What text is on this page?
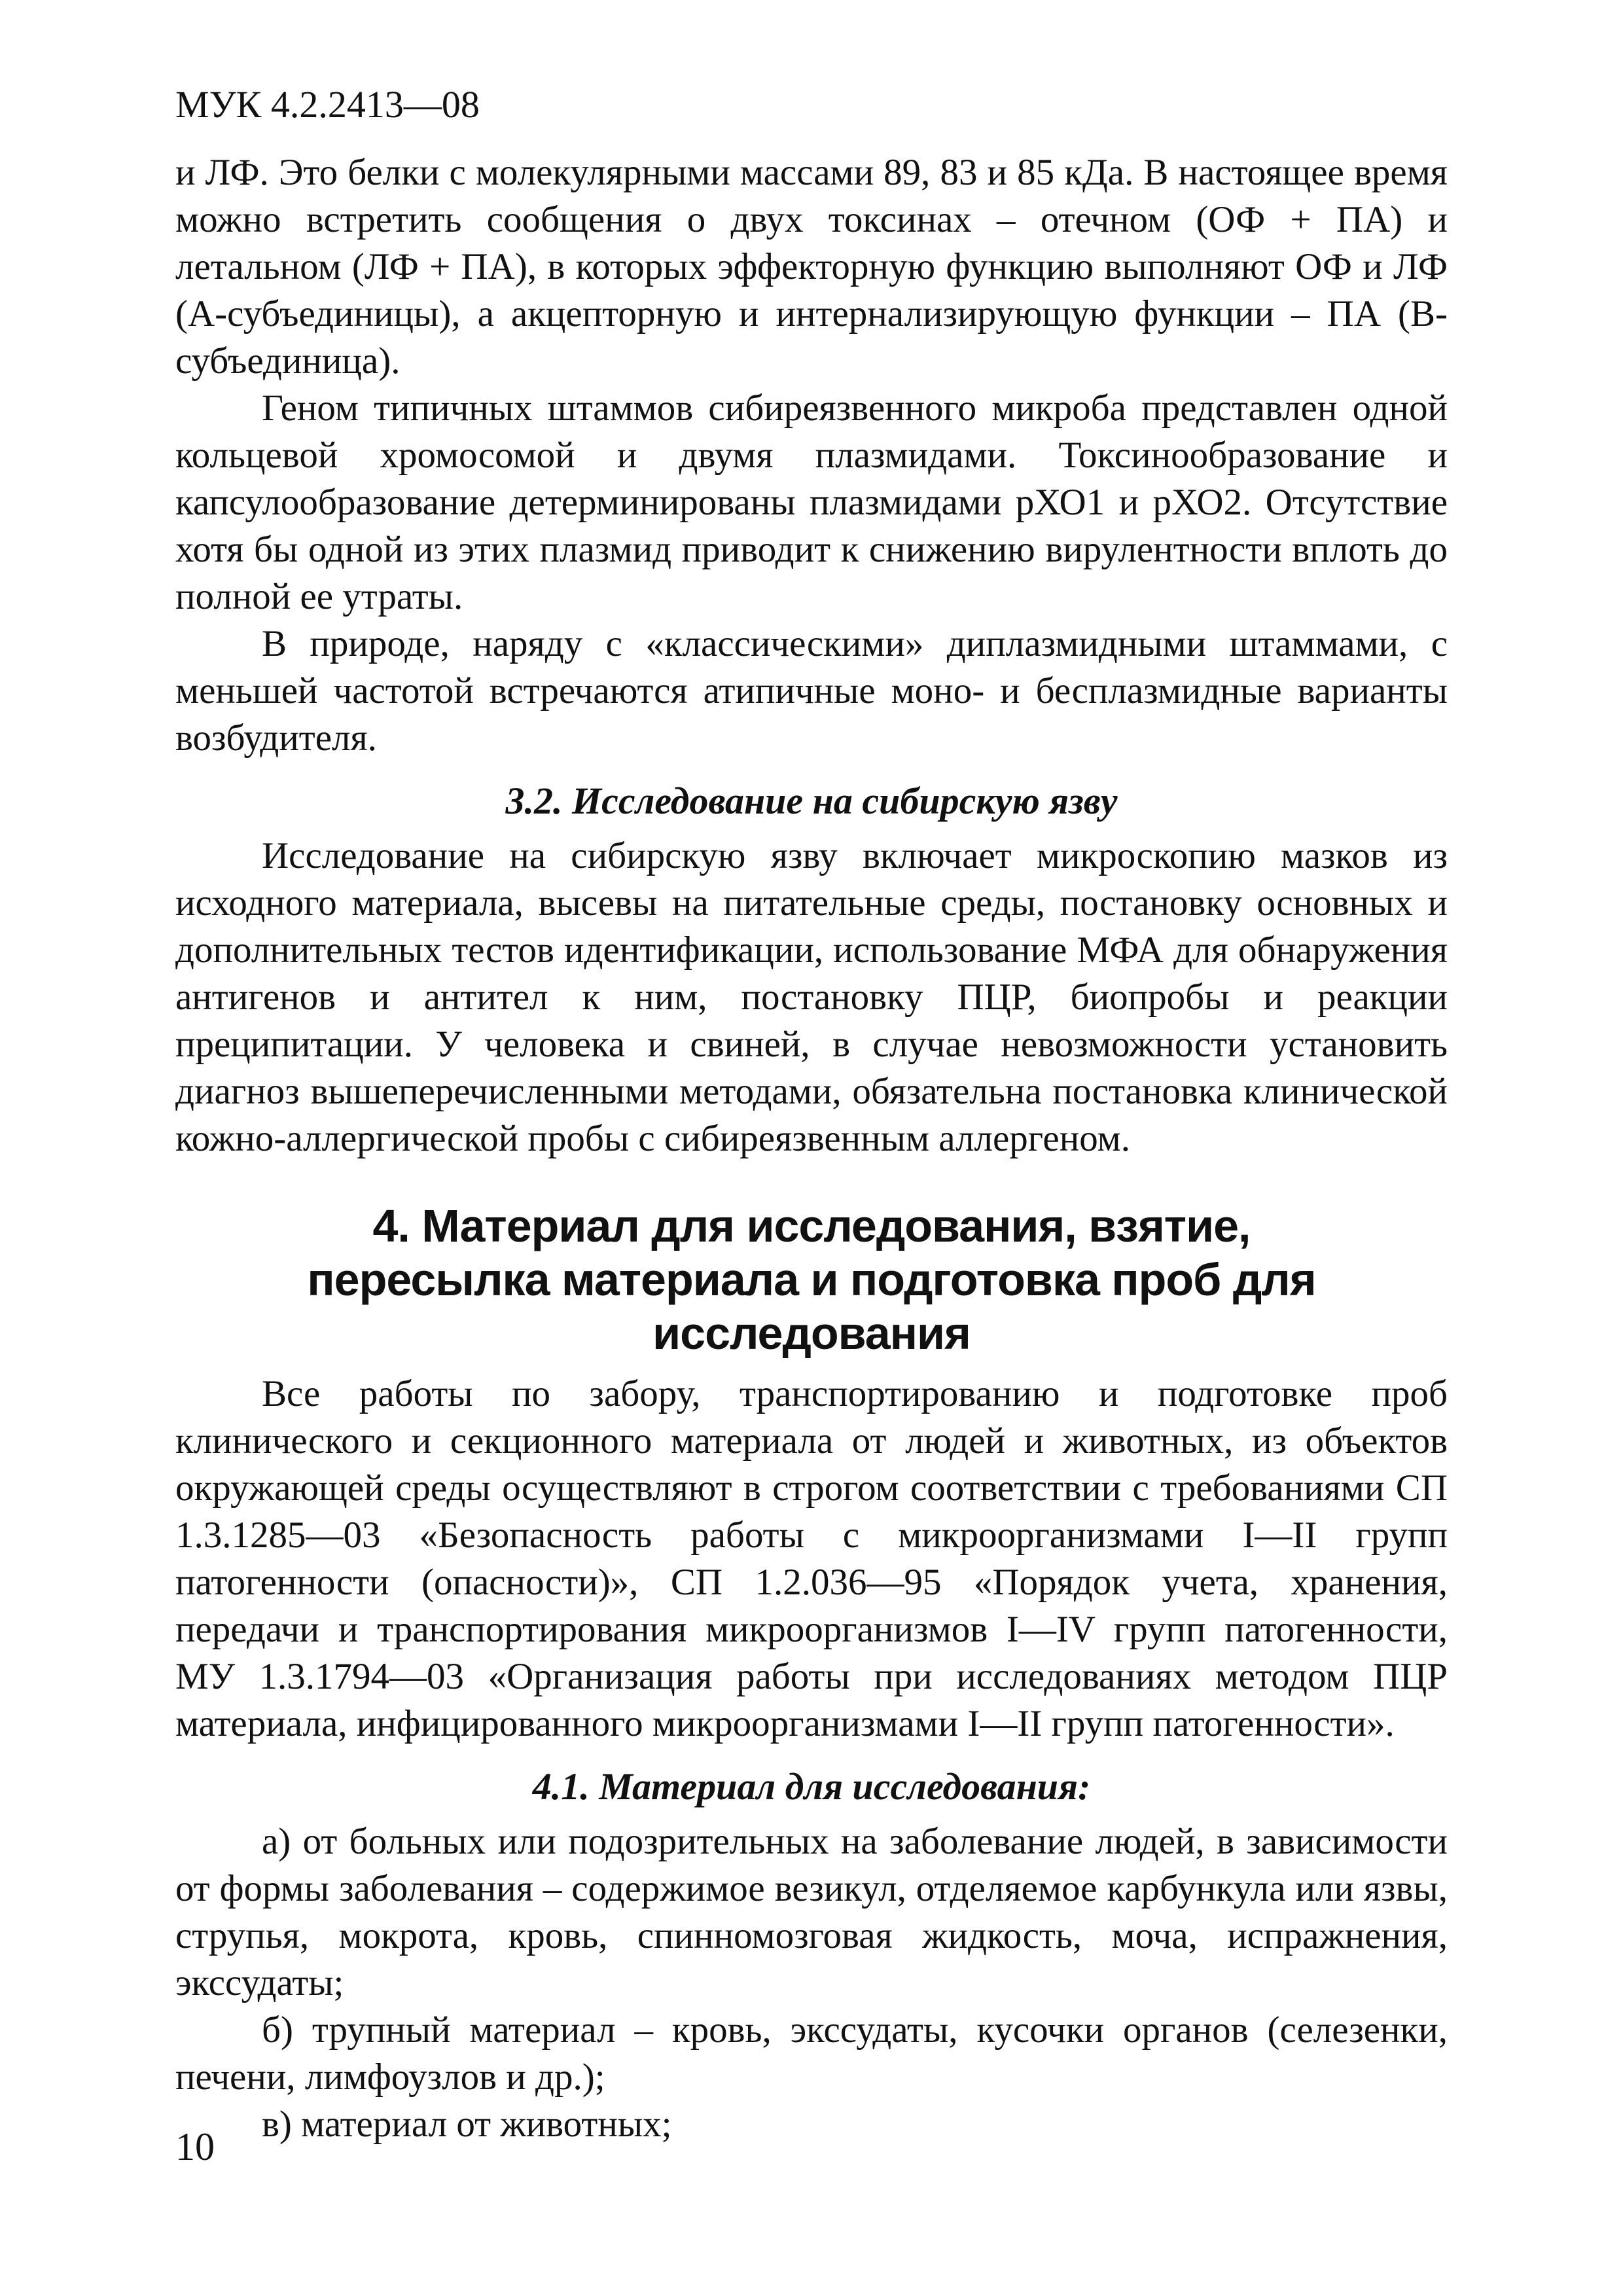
МУК 4.2.2413—08

и ЛФ. Это белки с молекулярными массами 89, 83 и 85 кДа. В настоящее время можно встретить сообщения о двух токсинах – отечном (ОФ + ПА) и летальном (ЛФ + ПА), в которых эффекторную функцию выполняют ОФ и ЛФ (А-субъединицы), а акцепторную и интернализирующую функции – ПА (В-субъединица).

Геном типичных штаммов сибиреязвенного микроба представлен одной кольцевой хромосомой и двумя плазмидами. Токсинообразование и капсулообразование детерминированы плазмидами рХО1 и рХО2. Отсутствие хотя бы одной из этих плазмид приводит к снижению вирулентности вплоть до полной ее утраты.

В природе, наряду с «классическими» диплазмидными штаммами, с меньшей частотой встречаются атипичные моно- и бесплазмидные варианты возбудителя.

3.2. Исследование на сибирскую язву

Исследование на сибирскую язву включает микроскопию мазков из исходного материала, высевы на питательные среды, постановку основных и дополнительных тестов идентификации, использование МФА для обнаружения антигенов и антител к ним, постановку ПЦР, биопробы и реакции преципитации. У человека и свиней, в случае невозможности установить диагноз вышеперечисленными методами, обязательна постановка клинической кожно-аллергической пробы с сибиреязвенным аллергеном.

4. Материал для исследования, взятие,
пересылка материала и подготовка проб для исследования

Все работы по забору, транспортированию и подготовке проб клинического и секционного материала от людей и животных, из объектов окружающей среды осуществляют в строгом соответствии с требованиями СП 1.3.1285—03 «Безопасность работы с микроорганизмами I—II групп патогенности (опасности)», СП 1.2.036—95 «Порядок учета, хранения, передачи и транспортирования микроорганизмов I—IV групп патогенности, МУ 1.3.1794—03 «Организация работы при исследованиях методом ПЦР материала, инфицированного микроорганизмами I—II групп патогенности».

4.1. Материал для исследования:

а) от больных или подозрительных на заболевание людей, в зависимости от формы заболевания – содержимое везикул, отделяемое карбункула или язвы, струпья, мокрота, кровь, спинномозговая жидкость, моча, испражнения, экссудаты;

б) трупный материал – кровь, экссудаты, кусочки органов (селезенки, печени, лимфоузлов и др.);

в) материал от животных;

10
